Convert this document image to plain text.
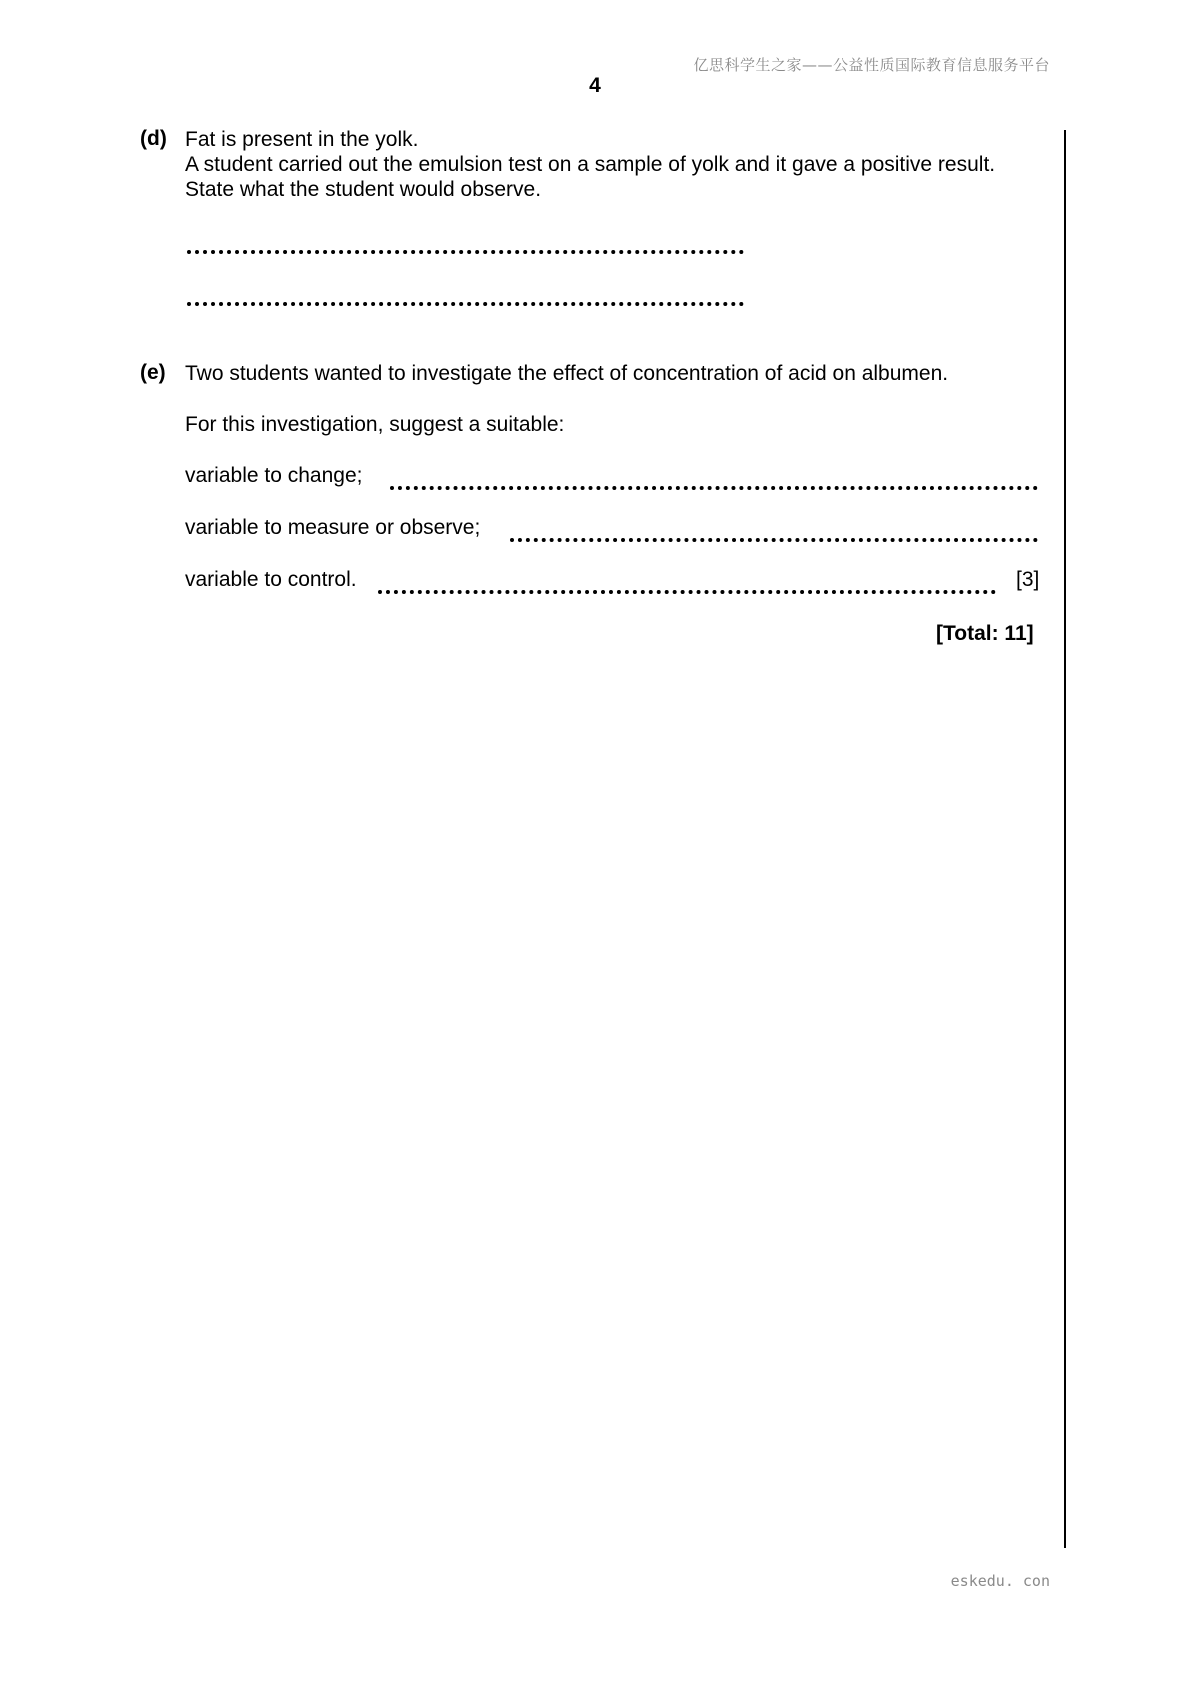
亿思科学生之家——公益性质国际教育信息服务平台
4
(d) Fat is present in the yolk.
A student carried out the emulsion test on a sample of yolk and it gave a positive result.
State what the student would observe.
(e) Two students wanted to investigate the effect of concentration of acid on albumen.
For this investigation, suggest a suitable:
variable to change;
variable to measure or observe;
variable to control.	[3]
[Total: 11]
eskedu. con
